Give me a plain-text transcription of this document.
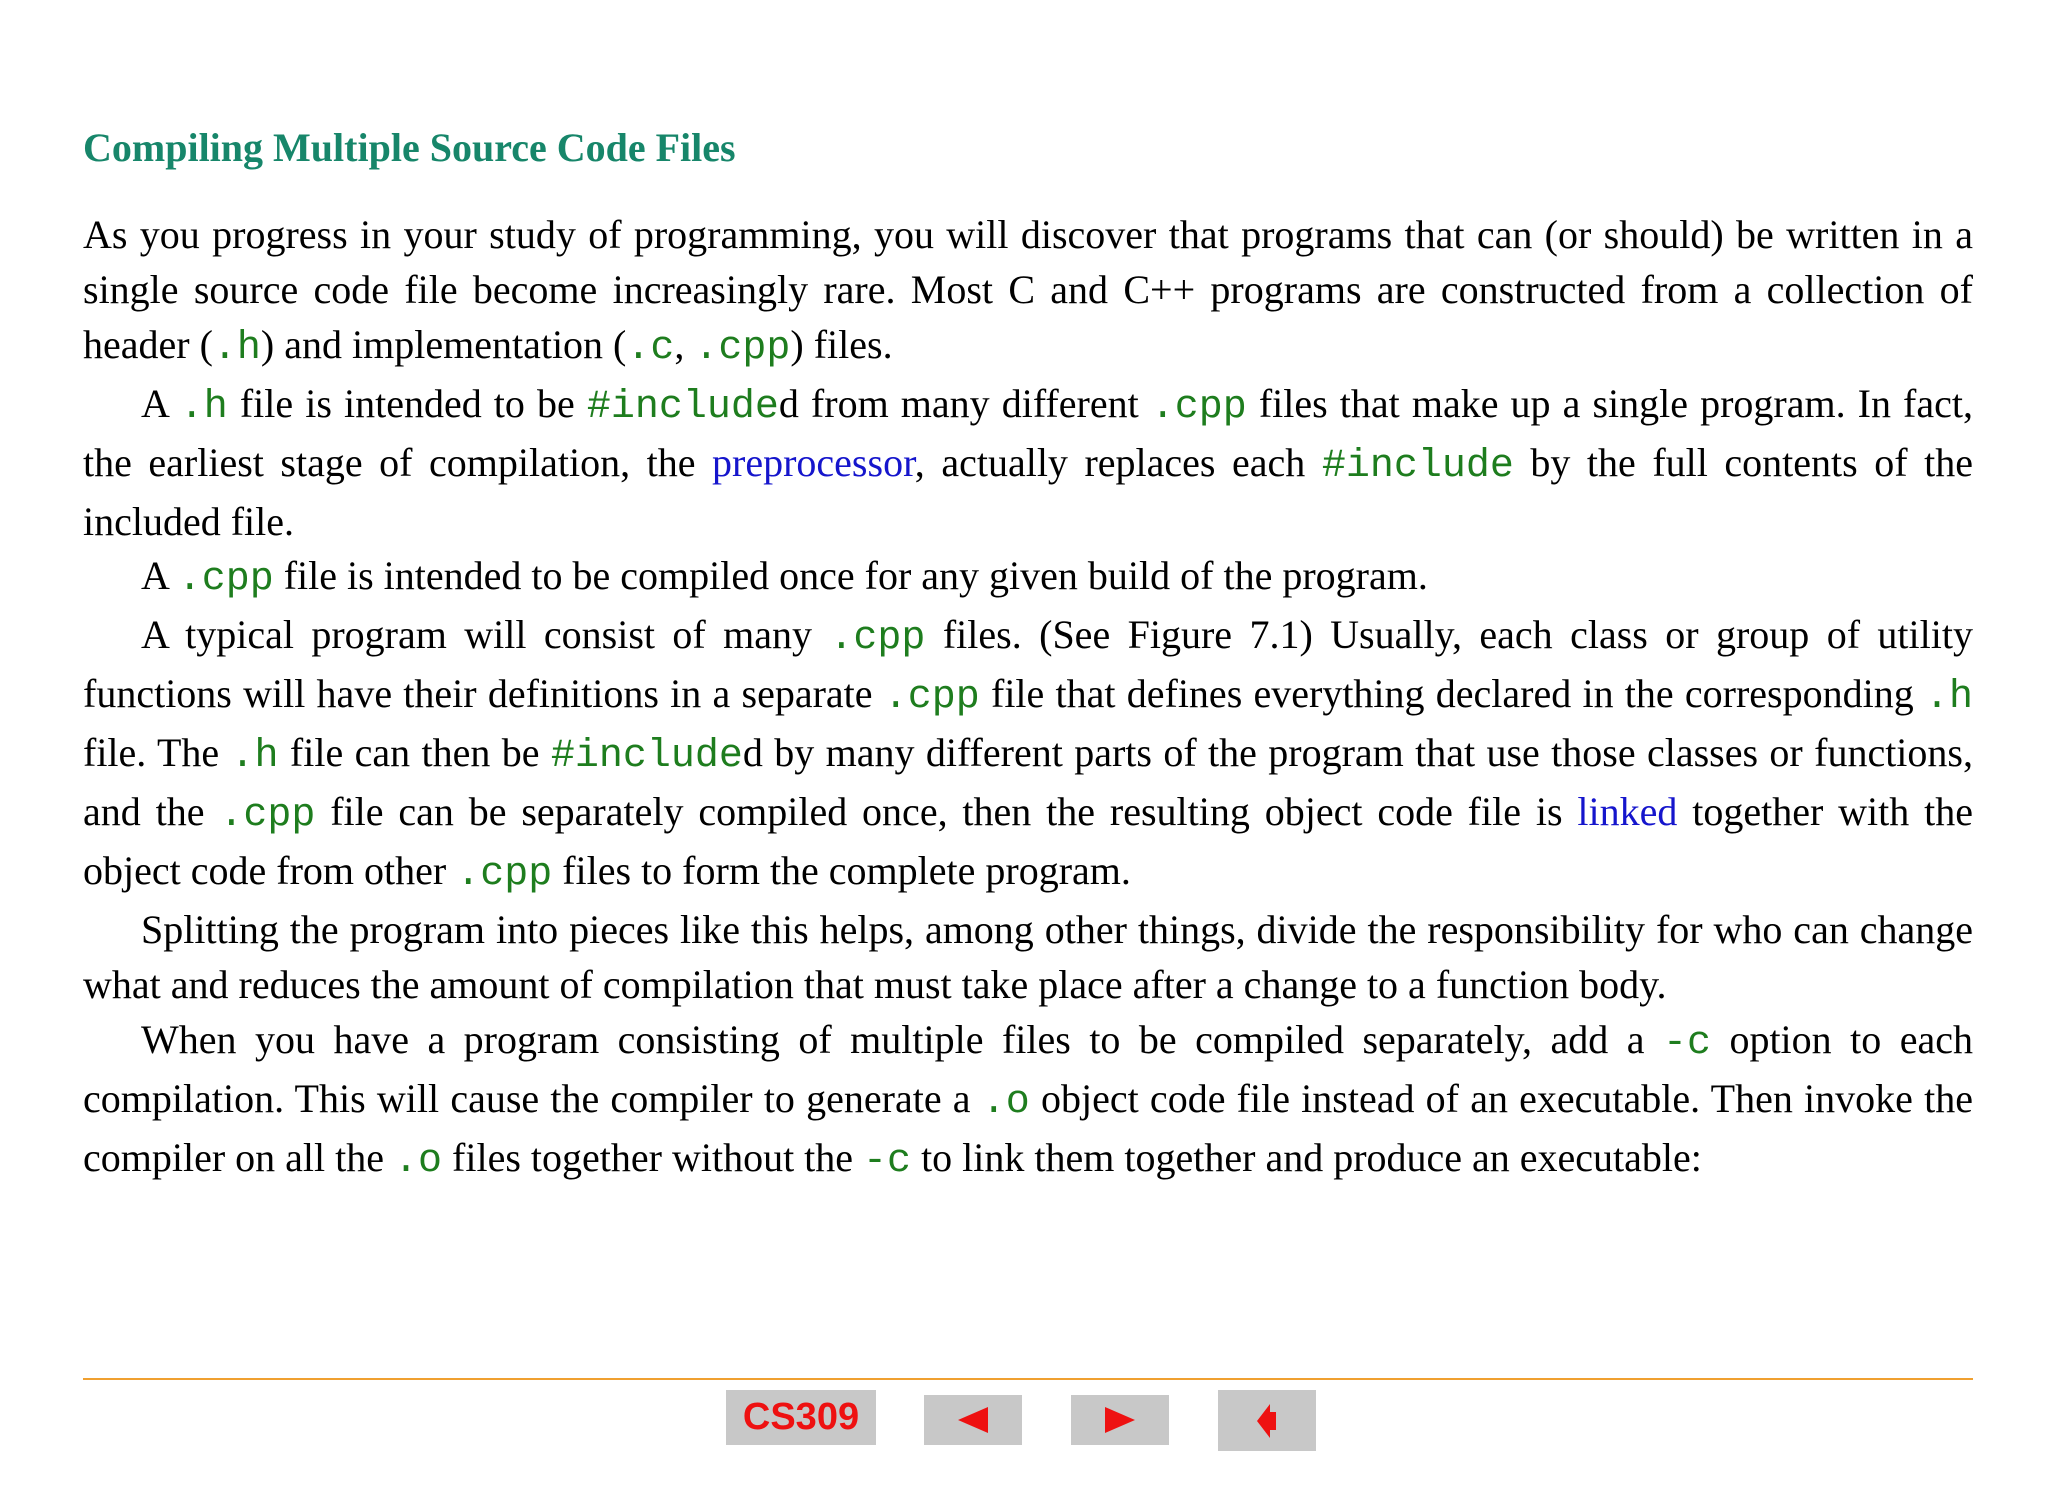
Compiling Multiple Source Code Files

As you progress in your study of programming, you will discover that programs that can (or should) be written in a single source code file become increasingly rare. Most C and C++ programs are constructed from a collection of header (.h) and implementation (.c, .cpp) files.

A .h file is intended to be #included from many different .cpp files that make up a single program. In fact, the earliest stage of compilation, the preprocessor, actually replaces each #include by the full contents of the included file.

A .cpp file is intended to be compiled once for any given build of the program.

A typical program will consist of many .cpp files. (See Figure 7.1) Usually, each class or group of utility functions will have their definitions in a separate .cpp file that defines everything declared in the corresponding .h file. The .h file can then be #included by many different parts of the program that use those classes or functions, and the .cpp file can be separately compiled once, then the resulting object code file is linked together with the object code from other .cpp files to form the complete program.

Splitting the program into pieces like this helps, among other things, divide the responsibility for who can change what and reduces the amount of compilation that must take place after a change to a function body.

When you have a program consisting of multiple files to be compiled separately, add a -c option to each compilation. This will cause the compiler to generate a .o object code file instead of an executable. Then invoke the compiler on all the .o files together without the -c to link them together and produce an executable:

CS309
